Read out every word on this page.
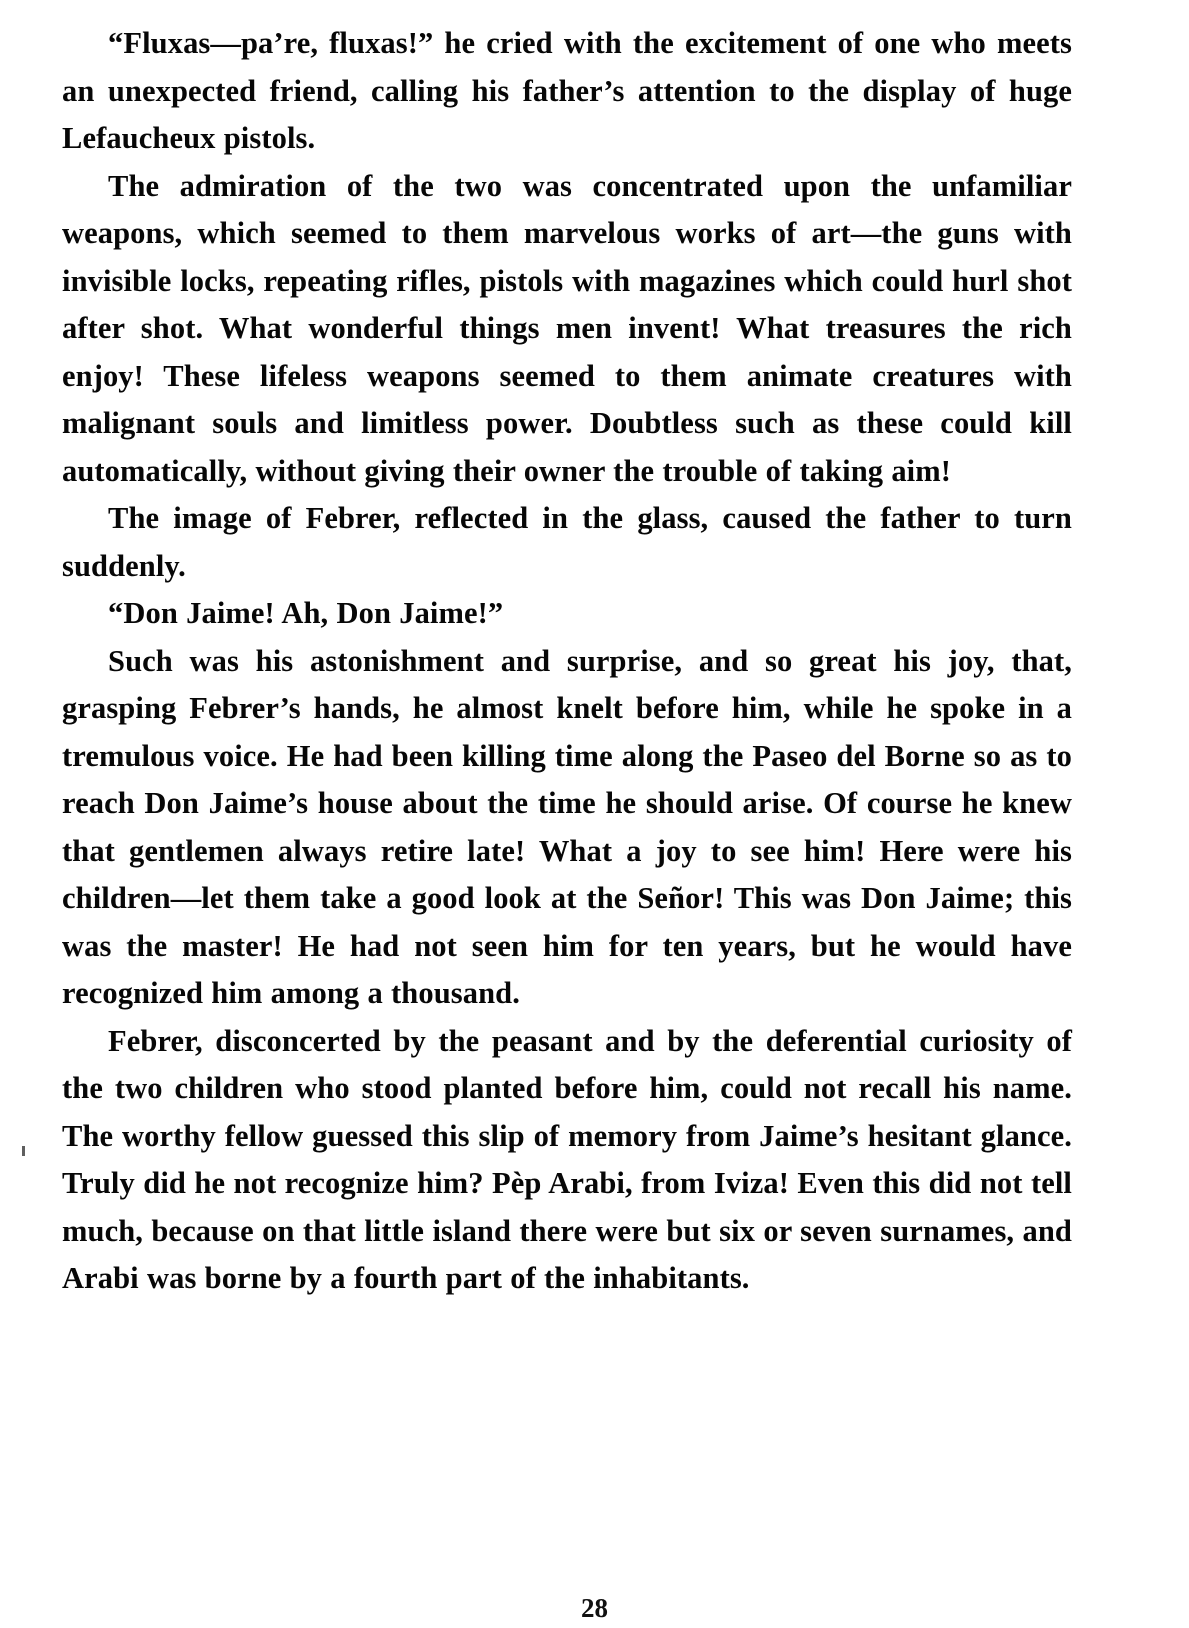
“Fluxas—pa’re, fluxas!” he cried with the excitement of one who meets an unexpected friend, calling his father’s attention to the display of huge Lefaucheux pistols.

The admiration of the two was concentrated upon the unfamiliar weapons, which seemed to them marvelous works of art—the guns with invisible locks, repeating rifles, pistols with magazines which could hurl shot after shot. What wonderful things men invent! What treasures the rich enjoy! These lifeless weapons seemed to them animate creatures with malignant souls and limitless power. Doubtless such as these could kill automatically, without giving their owner the trouble of taking aim!

The image of Febrer, reflected in the glass, caused the father to turn suddenly.

“Don Jaime! Ah, Don Jaime!”

Such was his astonishment and surprise, and so great his joy, that, grasping Febrer’s hands, he almost knelt before him, while he spoke in a tremulous voice. He had been killing time along the Paseo del Borne so as to reach Don Jaime’s house about the time he should arise. Of course he knew that gentlemen always retire late! What a joy to see him! Here were his children—let them take a good look at the Señor! This was Don Jaime; this was the master! He had not seen him for ten years, but he would have recognized him among a thousand.

Febrer, disconcerted by the peasant and by the deferential curiosity of the two children who stood planted before him, could not recall his name. The worthy fellow guessed this slip of memory from Jaime’s hesitant glance. Truly did he not recognize him? Pèp Arabi, from Iviza! Even this did not tell much, because on that little island there were but six or seven surnames, and Arabi was borne by a fourth part of the inhabitants.

28
